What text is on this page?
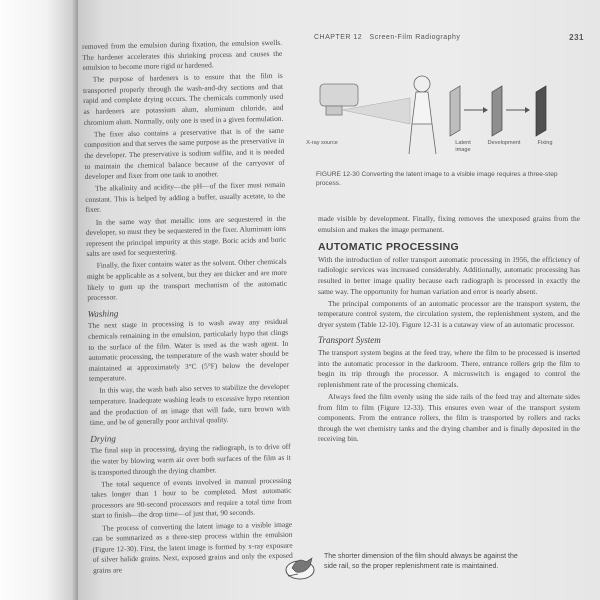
CHAPTER 12 Screen-Film Radiography	231

removed from the emulsion during fixation, the emulsion swells. The hardener accelerates this shrinking process and causes the emulsion to become more rigid or hardened.

The purpose of hardeners is to ensure that the film is transported properly through the wash-and-dry sections and that rapid and complete drying occurs. The chemicals commonly used as hardeners are potassium alum, aluminum chloride, and chromium alum. Normally, only one is used in a given formulation.

The fixer also contains a preservative that is of the same composition and that serves the same purpose as the preservative in the developer. The preservative is sodium sulfite, and it is needed to maintain the chemical balance because of the carryover of developer and fixer from one tank to another.

The alkalinity and acidity—the pH—of the fixer must remain constant. This is helped by adding a buffer, usually acetate, to the fixer.

In the same way that metallic ions are sequestered in the developer, so must they be sequestered in the fixer. Aluminum ions represent the principal impurity at this stage. Boric acids and boric salts are used for sequestering.

Finally, the fixer contains water as the solvent. Other chemicals might be applicable as a solvent, but they are thicker and are more likely to gum up the transport mechanism of the automatic processor.

Washing

The next stage in processing is to wash away any residual chemicals remaining in the emulsion, particularly hypo that clings to the surface of the film. Water is used as the wash agent. In automatic processing, the temperature of the wash water should be maintained at approximately 3°C (5°F) below the developer temperature.

In this way, the wash bath also serves to stabilize the developer temperature. Inadequate washing leads to excessive hypo retention and the production of an image that will fade, turn brown with time, and be of generally poor archival quality.

Drying

The final step in processing, drying the radiograph, is to drive off the water by blowing warm air over both surfaces of the film as it is transported through the drying chamber.

The total sequence of events involved in manual processing takes longer than 1 hour to be completed. Most automatic processors are 90-second processors and require a total time from start to finish—the drop time—of just that, 90 seconds.

The process of converting the latent image to a visible image can be summarized as a three-step process within the emulsion (Figure 12-30). First, the latent image is formed by x-ray exposure of silver halide grains. Next, exposed grains and only the exposed grains are

X-ray source	Latent image
Development	Fixing
FIGURE 12-30 Converting the latent image to a visible image requires a three-step process.

made visible by development. Finally, fixing removes the unexposed grains from the emulsion and makes the image permanent.

AUTOMATIC PROCESSING

With the introduction of roller transport automatic processing in 1956, the efficiency of radiologic services was increased considerably. Additionally, automatic processing has resulted in better image quality because each radiograph is processed in exactly the same way. The opportunity for human variation and error is nearly absent.

The principal components of an automatic processor are the transport system, the temperature control system, the circulation system, the replenishment system, and the dryer system (Table 12-10). Figure 12-31 is a cutaway view of an automatic processor.

Transport System

The transport system begins at the feed tray, where the film to be processed is inserted into the automatic processor in the darkroom. There, entrance rollers grip the film to begin its trip through the processor. A microswitch is engaged to control the replenishment rate of the processing chemicals.

Always feed the film evenly using the side rails of the feed tray and alternate sides from film to film (Figure 12-33). This ensures even wear of the transport system components. From the entrance rollers, the film is transported by rollers and racks through the wet chemistry tanks and the drying chamber and is finally deposited in the receiving bin.

The shorter dimension of the film should always be against the side rail, so the proper replenishment rate is maintained.
